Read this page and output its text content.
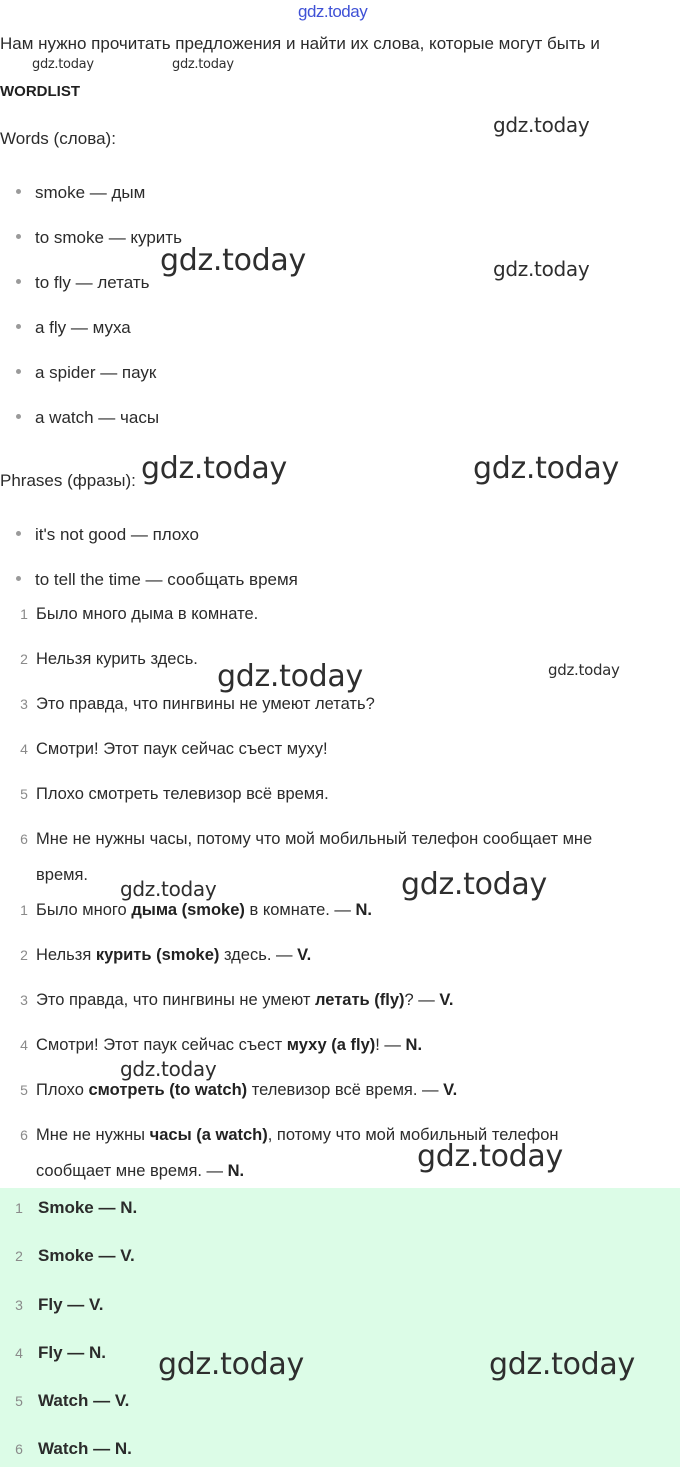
gdz.today
Нам нужно прочитать предложения и найти их слова, которые могут быть и
gdz.today	gdz.today
WORDLIST
Words (слова):
smoke — дым
to smoke — курить
to fly — летать
a fly — муха
a spider — паук
a watch — часы
Phrases (фразы):
it's not good — плохо
to tell the time — сообщать время
1 Было много дыма в комнате.
2 Нельзя курить здесь.
3 Это правда, что пингвины не умеют летать?
4 Смотри! Этот паук сейчас съест муху!
5 Плохо смотреть телевизор всё время.
6 Мне не нужны часы, потому что мой мобильный телефон сообщает мне
время.
1 Было много дыма (smoke) в комнате. — N.
2 Нельзя курить (smoke) здесь. — V.
3 Это правда, что пингвины не умеют летать (fly)? — V.
4 Смотри! Этот паук сейчас съест муху (a fly)! — N.
5 Плохо смотреть (to watch) телевизор всё время. — V.
6 Мне не нужны часы (a watch), потому что мой мобильный телефон
сообщает мне время. — N.
1 Smoke — N.
2 Smoke — V.
3 Fly — V.
4 Fly — N.
5 Watch — V.
6 Watch — N.
gdz.today
gdz.today	gdz.today
gdz.today	gdz.today
gdz.today	gdz.today
gdz.today	gdz.today
gdz.today
gdz.today
gdz.today	gdz.today
